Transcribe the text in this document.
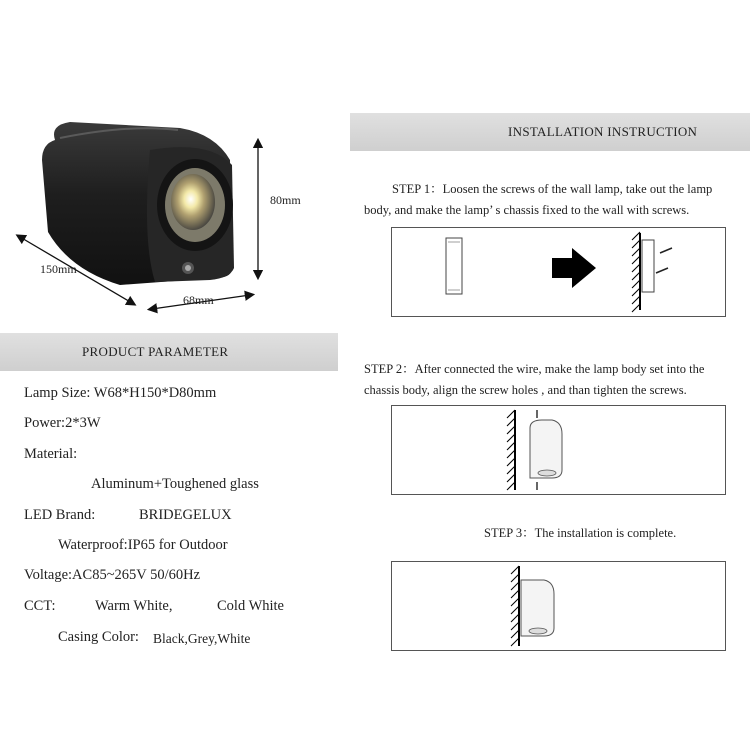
80mm
150mm
68mm
PRODUCT PARAMETER
Lamp Size: W68*H150*D80mm
Power:2*3W
Material:
Aluminum+Toughened glass
LED Brand:	BRIDEGELUX
Waterproof:IP65 for Outdoor
Voltage:AC85~265V 50/60Hz
CCT:	Warm White,	Cold White
Casing Color: Black,Grey,White
INSTALLATION INSTRUCTION
STEP 1：Loosen the screws of the wall lamp, take out the lamp
body, and make the lamp’ s chassis fixed to the wall with screws.
STEP 2：After connected the wire, make the lamp body set into the
chassis body, align the screw holes , and than tighten the screws.
STEP 3：The installation is complete.
